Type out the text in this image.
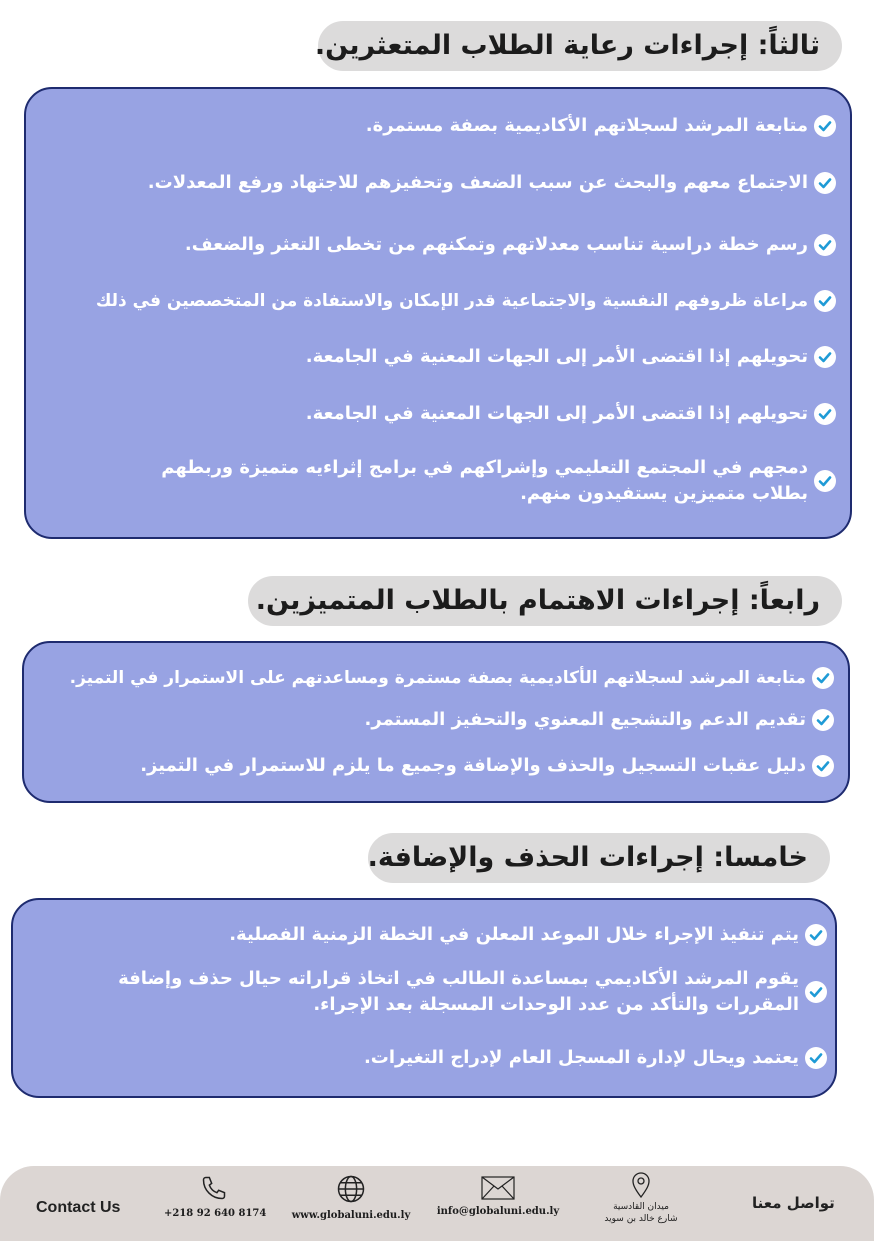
ثالثاً: إجراءات رعاية الطلاب المتعثرين.
متابعة المرشد لسجلاتهم الأكاديمية بصفة مستمرة.
الاجتماع معهم والبحث عن سبب الضعف وتحفيزهم للاجتهاد ورفع المعدلات.
رسم خطة دراسية تناسب معدلاتهم وتمكنهم من تخطى التعثر والضعف.
مراعاة ظروفهم النفسية والاجتماعية قدر الإمكان والاستفادة من المتخصصين في ذلك
تحويلهم إذا اقتضى الأمر إلى الجهات المعنية في الجامعة.
تحويلهم إذا اقتضى الأمر إلى الجهات المعنية في الجامعة.
دمجهم في المجتمع التعليمي وإشراكهم في برامج إثراءيه متميزة وربطهم بطلاب متميزين يستفيدون منهم.
رابعاً: إجراءات الاهتمام بالطلاب المتميزين.
متابعة المرشد لسجلاتهم الأكاديمية بصفة مستمرة ومساعدتهم على الاستمرار في التميز.
تقديم الدعم والتشجيع المعنوي والتحفيز المستمر.
دليل عقبات التسجيل والحذف والإضافة وجميع ما يلزم للاستمرار في التميز.
خامسا: إجراءات الحذف والإضافة.
يتم تنفيذ الإجراء خلال الموعد المعلن في الخطة الزمنية الفصلية.
يقوم المرشد الأكاديمي بمساعدة الطالب في اتخاذ قراراته حيال حذف وإضافة المقررات والتأكد من عدد الوحدات المسجلة بعد الإجراء.
يعتمد ويحال لإدارة المسجل العام لإدراج التغيرات.
Contact Us	+218 92 640 8174	www.globaluni.edu.ly	info@globaluni.edu.ly	ميدان القادسية
شارع خالد بن سويد
تواصل معنا
